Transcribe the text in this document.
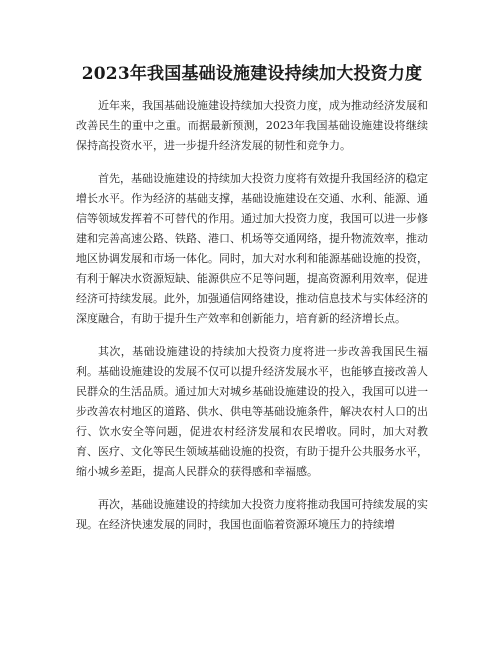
2023年我国基础设施建设持续加大投资力度

近年来，我国基础设施建设持续加大投资力度，成为推动经济发展和改善民生的重中之重。而据最新预测，2023年我国基础设施建设将继续保持高投资水平，进一步提升经济发展的韧性和竞争力。

首先，基础设施建设的持续加大投资力度将有效提升我国经济的稳定增长水平。作为经济的基础支撑，基础设施建设在交通、水利、能源、通信等领域发挥着不可替代的作用。通过加大投资力度，我国可以进一步修建和完善高速公路、铁路、港口、机场等交通网络，提升物流效率，推动地区协调发展和市场一体化。同时，加大对水利和能源基础设施的投资，有利于解决水资源短缺、能源供应不足等问题，提高资源利用效率，促进经济可持续发展。此外，加强通信网络建设，推动信息技术与实体经济的深度融合，有助于提升生产效率和创新能力，培育新的经济增长点。

其次，基础设施建设的持续加大投资力度将进一步改善我国民生福利。基础设施建设的发展不仅可以提升经济发展水平，也能够直接改善人民群众的生活品质。通过加大对城乡基础设施建设的投入，我国可以进一步改善农村地区的道路、供水、供电等基础设施条件，解决农村人口的出行、饮水安全等问题，促进农村经济发展和农民增收。同时，加大对教育、医疗、文化等民生领域基础设施的投资，有助于提升公共服务水平，缩小城乡差距，提高人民群众的获得感和幸福感。

再次，基础设施建设的持续加大投资力度将推动我国可持续发展的实现。在经济快速发展的同时，我国也面临着资源环境压力的持续增
